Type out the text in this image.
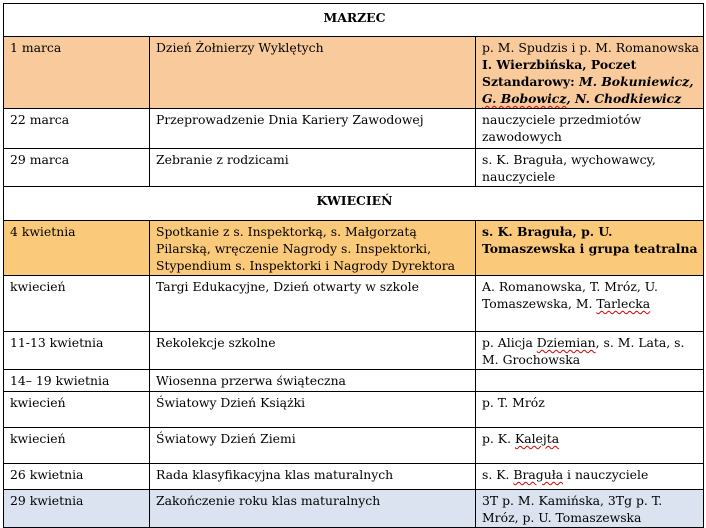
MARZEC		
1 marca	Dzień Żołnierzy Wyklętych	p. M. Spudzis i p. M. Romanowska I. Wierzbińska, Poczet Sztandarowy: M. Bokuniewicz, G. Bobowicz, N. Chodkiewicz
22 marca	Przeprowadzenie Dnia Kariery Zawodowej	nauczyciele przedmiotów zawodowych
29 marca	Zebranie z rodzicami	s. K. Braguła, wychowawcy, nauczyciele
KWIECIEŃ		
4 kwietnia	Spotkanie z s. Inspektorką, s. Małgorzatą Pilarską, wręczenie Nagrody s. Inspektorki, Stypendium s. Inspektorki i Nagrody Dyrektora	s. K. Braguła, p. U. Tomaszewska i grupa teatralna
kwiecień	Targi Edukacyjne, Dzień otwarty w szkole	A. Romanowska, T. Mróz, U. Tomaszewska, M. Tarlecka
11-13 kwietnia	Rekolekcje szkolne	p. Alicja Dziemian, s. M. Lata, s. M. Grochowska
14– 19 kwietnia	Wiosenna przerwa świąteczna	
kwiecień	Światowy Dzień Książki	p. T. Mróz
kwiecień	Światowy Dzień Ziemi	p. K. Kalejta
26 kwietnia	Rada klasyfikacyjna klas maturalnych	s. K. Braguła i nauczyciele
29 kwietnia	Zakończenie roku klas maturalnych	3T p. M. Kamińska, 3Tg p. T. Mróz, p. U. Tomaszewska
